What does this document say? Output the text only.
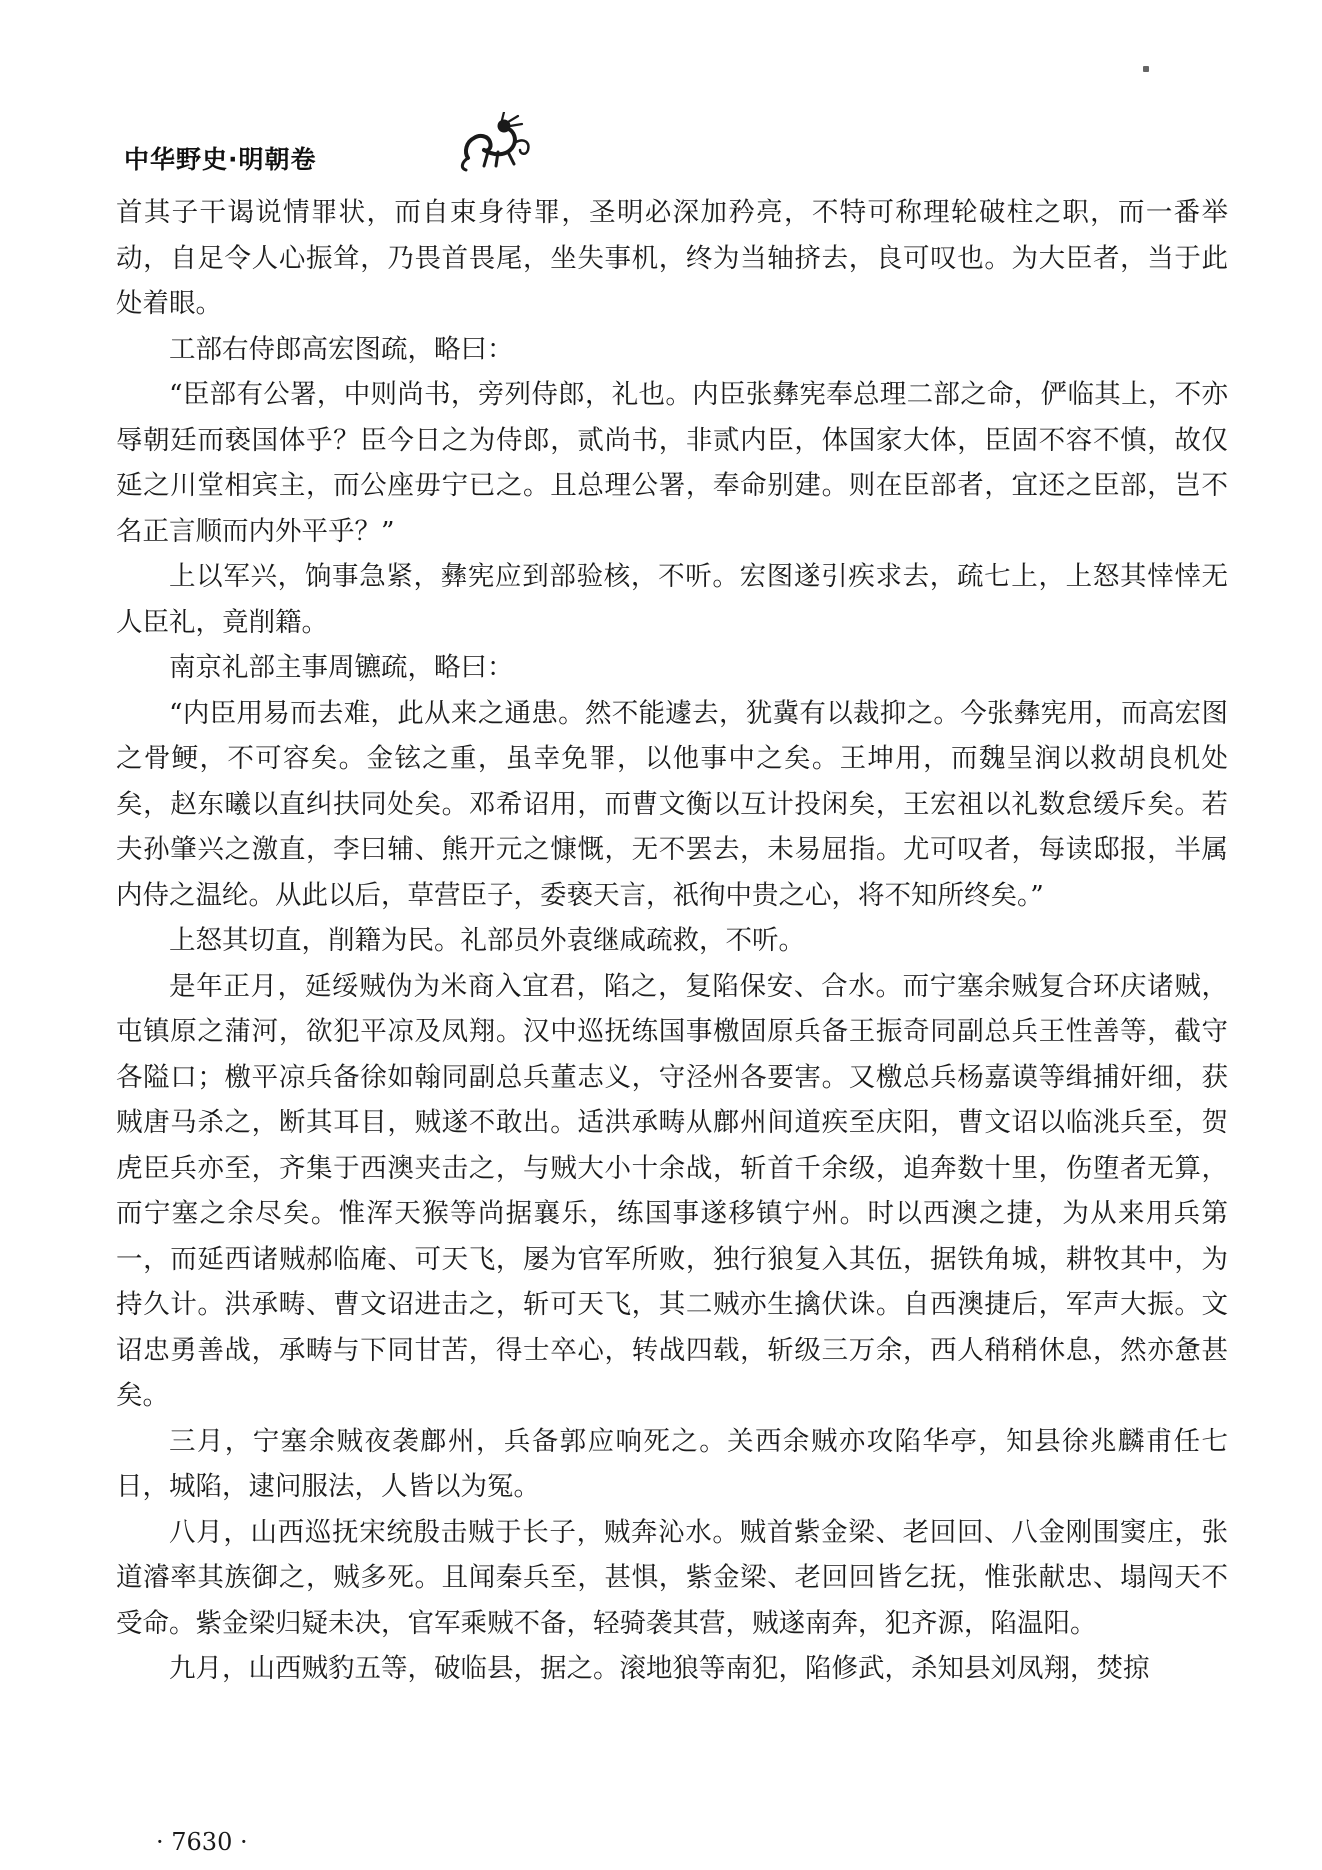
中华野史·明朝卷

首其子干谒说情罪状，而自束身待罪，圣明必深加矜亮，不特可称理轮破柱之职，而一番举动，自足令人心振耸，乃畏首畏尾，坐失事机，终为当轴挤去，良可叹也。为大臣者，当于此处着眼。

工部右侍郎高宏图疏，略曰：

“臣部有公署，中则尚书，旁列侍郎，礼也。内臣张彝宪奉总理二部之命，俨临其上，不亦辱朝廷而亵国体乎？臣今日之为侍郎，贰尚书，非贰内臣，体国家大体，臣固不容不慎，故仅延之川堂相宾主，而公座毋宁已之。且总理公署，奉命别建。则在臣部者，宜还之臣部，岂不名正言顺而内外平乎？”

上以军兴，饷事急紧，彝宪应到部验核，不听。宏图遂引疾求去，疏七上，上怒其悻悻无人臣礼，竟削籍。

南京礼部主事周镳疏，略曰：

“内臣用易而去难，此从来之通患。然不能遽去，犹冀有以裁抑之。今张彝宪用，而高宏图之骨鲠，不可容矣。金铉之重，虽幸免罪，以他事中之矣。王坤用，而魏呈润以救胡良机处矣，赵东曦以直纠扶同处矣。邓希诏用，而曹文衡以互计投闲矣，王宏祖以礼数怠缓斥矣。若夫孙肇兴之激直，李曰辅、熊开元之慷慨，无不罢去，未易屈指。尤可叹者，每读邸报，半属内侍之温纶。从此以后，草营臣子，委亵天言，祇徇中贵之心，将不知所终矣。”

上怒其切直，削籍为民。礼部员外袁继咸疏救，不听。

是年正月，延绥贼伪为米商入宜君，陷之，复陷保安、合水。而宁塞余贼复合环庆诸贼，屯镇原之蒲河，欲犯平凉及凤翔。汉中巡抚练国事檄固原兵备王振奇同副总兵王性善等，截守各隘口；檄平凉兵备徐如翰同副总兵董志义，守泾州各要害。又檄总兵杨嘉谟等缉捕奸细，获贼唐马杀之，断其耳目，贼遂不敢出。适洪承畴从鄜州间道疾至庆阳，曹文诏以临洮兵至，贺虎臣兵亦至，齐集于西澳夹击之，与贼大小十余战，斩首千余级，追奔数十里，伤堕者无算，而宁塞之余尽矣。惟浑天猴等尚据襄乐，练国事遂移镇宁州。时以西澳之捷，为从来用兵第一，而延西诸贼郝临庵、可天飞，屡为官军所败，独行狼复入其伍，据铁角城，耕牧其中，为持久计。洪承畴、曹文诏进击之，斩可天飞，其二贼亦生擒伏诛。自西澳捷后，军声大振。文诏忠勇善战，承畴与下同甘苦，得士卒心，转战四载，斩级三万余，西人稍稍休息，然亦惫甚矣。

三月，宁塞余贼夜袭鄜州，兵备郭应响死之。关西余贼亦攻陷华亭，知县徐兆麟甫任七日，城陷，逮问服法，人皆以为冤。

八月，山西巡抚宋统殷击贼于长子，贼奔沁水。贼首紫金梁、老回回、八金刚围窦庄，张道濬率其族御之，贼多死。且闻秦兵至，甚惧，紫金梁、老回回皆乞抚，惟张献忠、塌闯天不受命。紫金梁归疑未决，官军乘贼不备，轻骑袭其营，贼遂南奔，犯齐源，陷温阳。

九月，山西贼豹五等，破临县，据之。滚地狼等南犯，陷修武，杀知县刘凤翔，焚掠

· 7630 ·
